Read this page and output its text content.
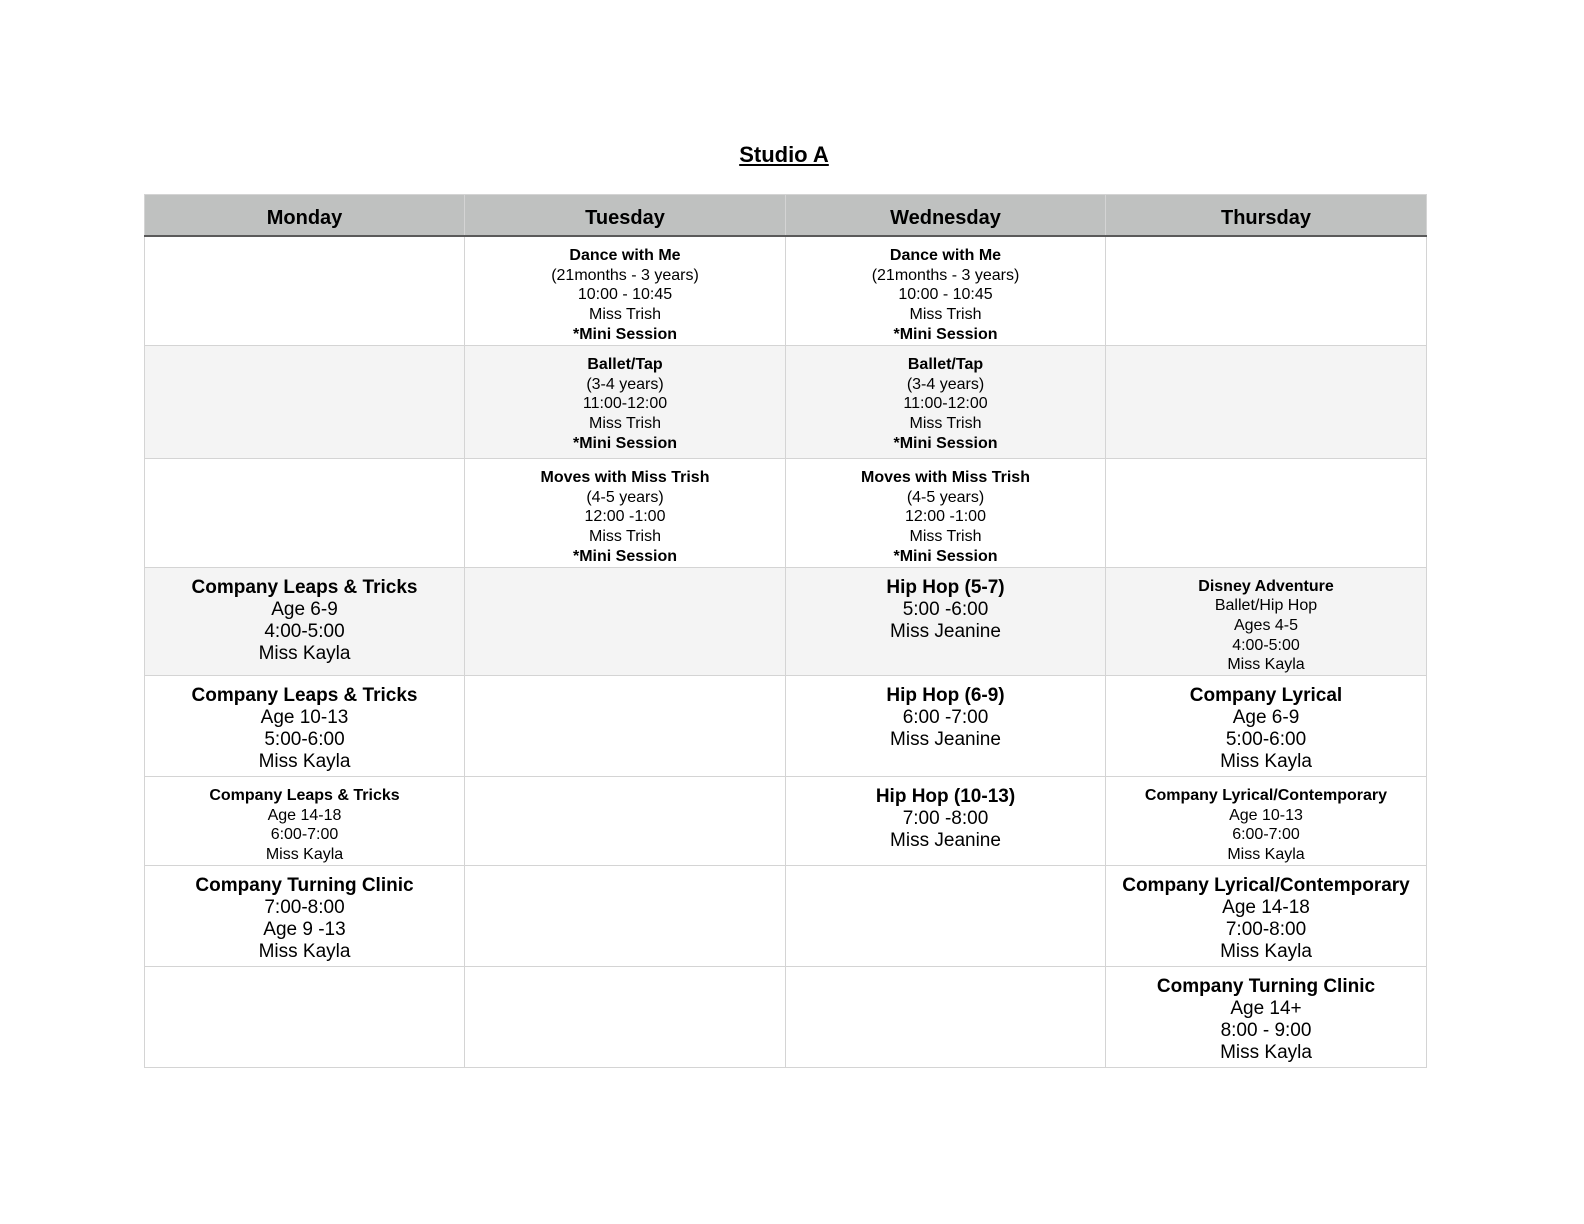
Studio A
Monday	Tuesday	Wednesday	Thursday

	Dance with Me
(21months - 3 years)
10:00 - 10:45
Miss Trish
*Mini Session	Dance with Me
(21months - 3 years)
10:00 - 10:45
Miss Trish
*Mini Session	

	Ballet/Tap
(3-4 years)
11:00-12:00
Miss Trish
*Mini Session	Ballet/Tap
(3-4 years)
11:00-12:00
Miss Trish
*Mini Session	

	Moves with Miss Trish
(4-5 years)
12:00 -1:00
Miss Trish
*Mini Session	Moves with Miss Trish
(4-5 years)
12:00 -1:00
Miss Trish
*Mini Session	

Company Leaps & Tricks
Age 6-9
4:00-5:00
Miss Kayla		Hip Hop (5-7)
5:00 -6:00
Miss Jeanine	Disney Adventure
Ballet/Hip Hop
Ages 4-5
4:00-5:00
Miss Kayla

Company Leaps & Tricks
Age 10-13
5:00-6:00
Miss Kayla		Hip Hop (6-9)
6:00 -7:00
Miss Jeanine	Company Lyrical
Age 6-9
5:00-6:00
Miss Kayla

Company Leaps & Tricks
Age 14-18
6:00-7:00
Miss Kayla		Hip Hop (10-13)
7:00 -8:00
Miss Jeanine	Company Lyrical/Contemporary
Age 10-13
6:00-7:00
Miss Kayla

Company Turning Clinic
7:00-8:00
Age 9 -13
Miss Kayla			Company Lyrical/Contemporary
Age 14-18
7:00-8:00
Miss Kayla

			Company Turning Clinic
Age 14+
8:00 - 9:00
Miss Kayla
